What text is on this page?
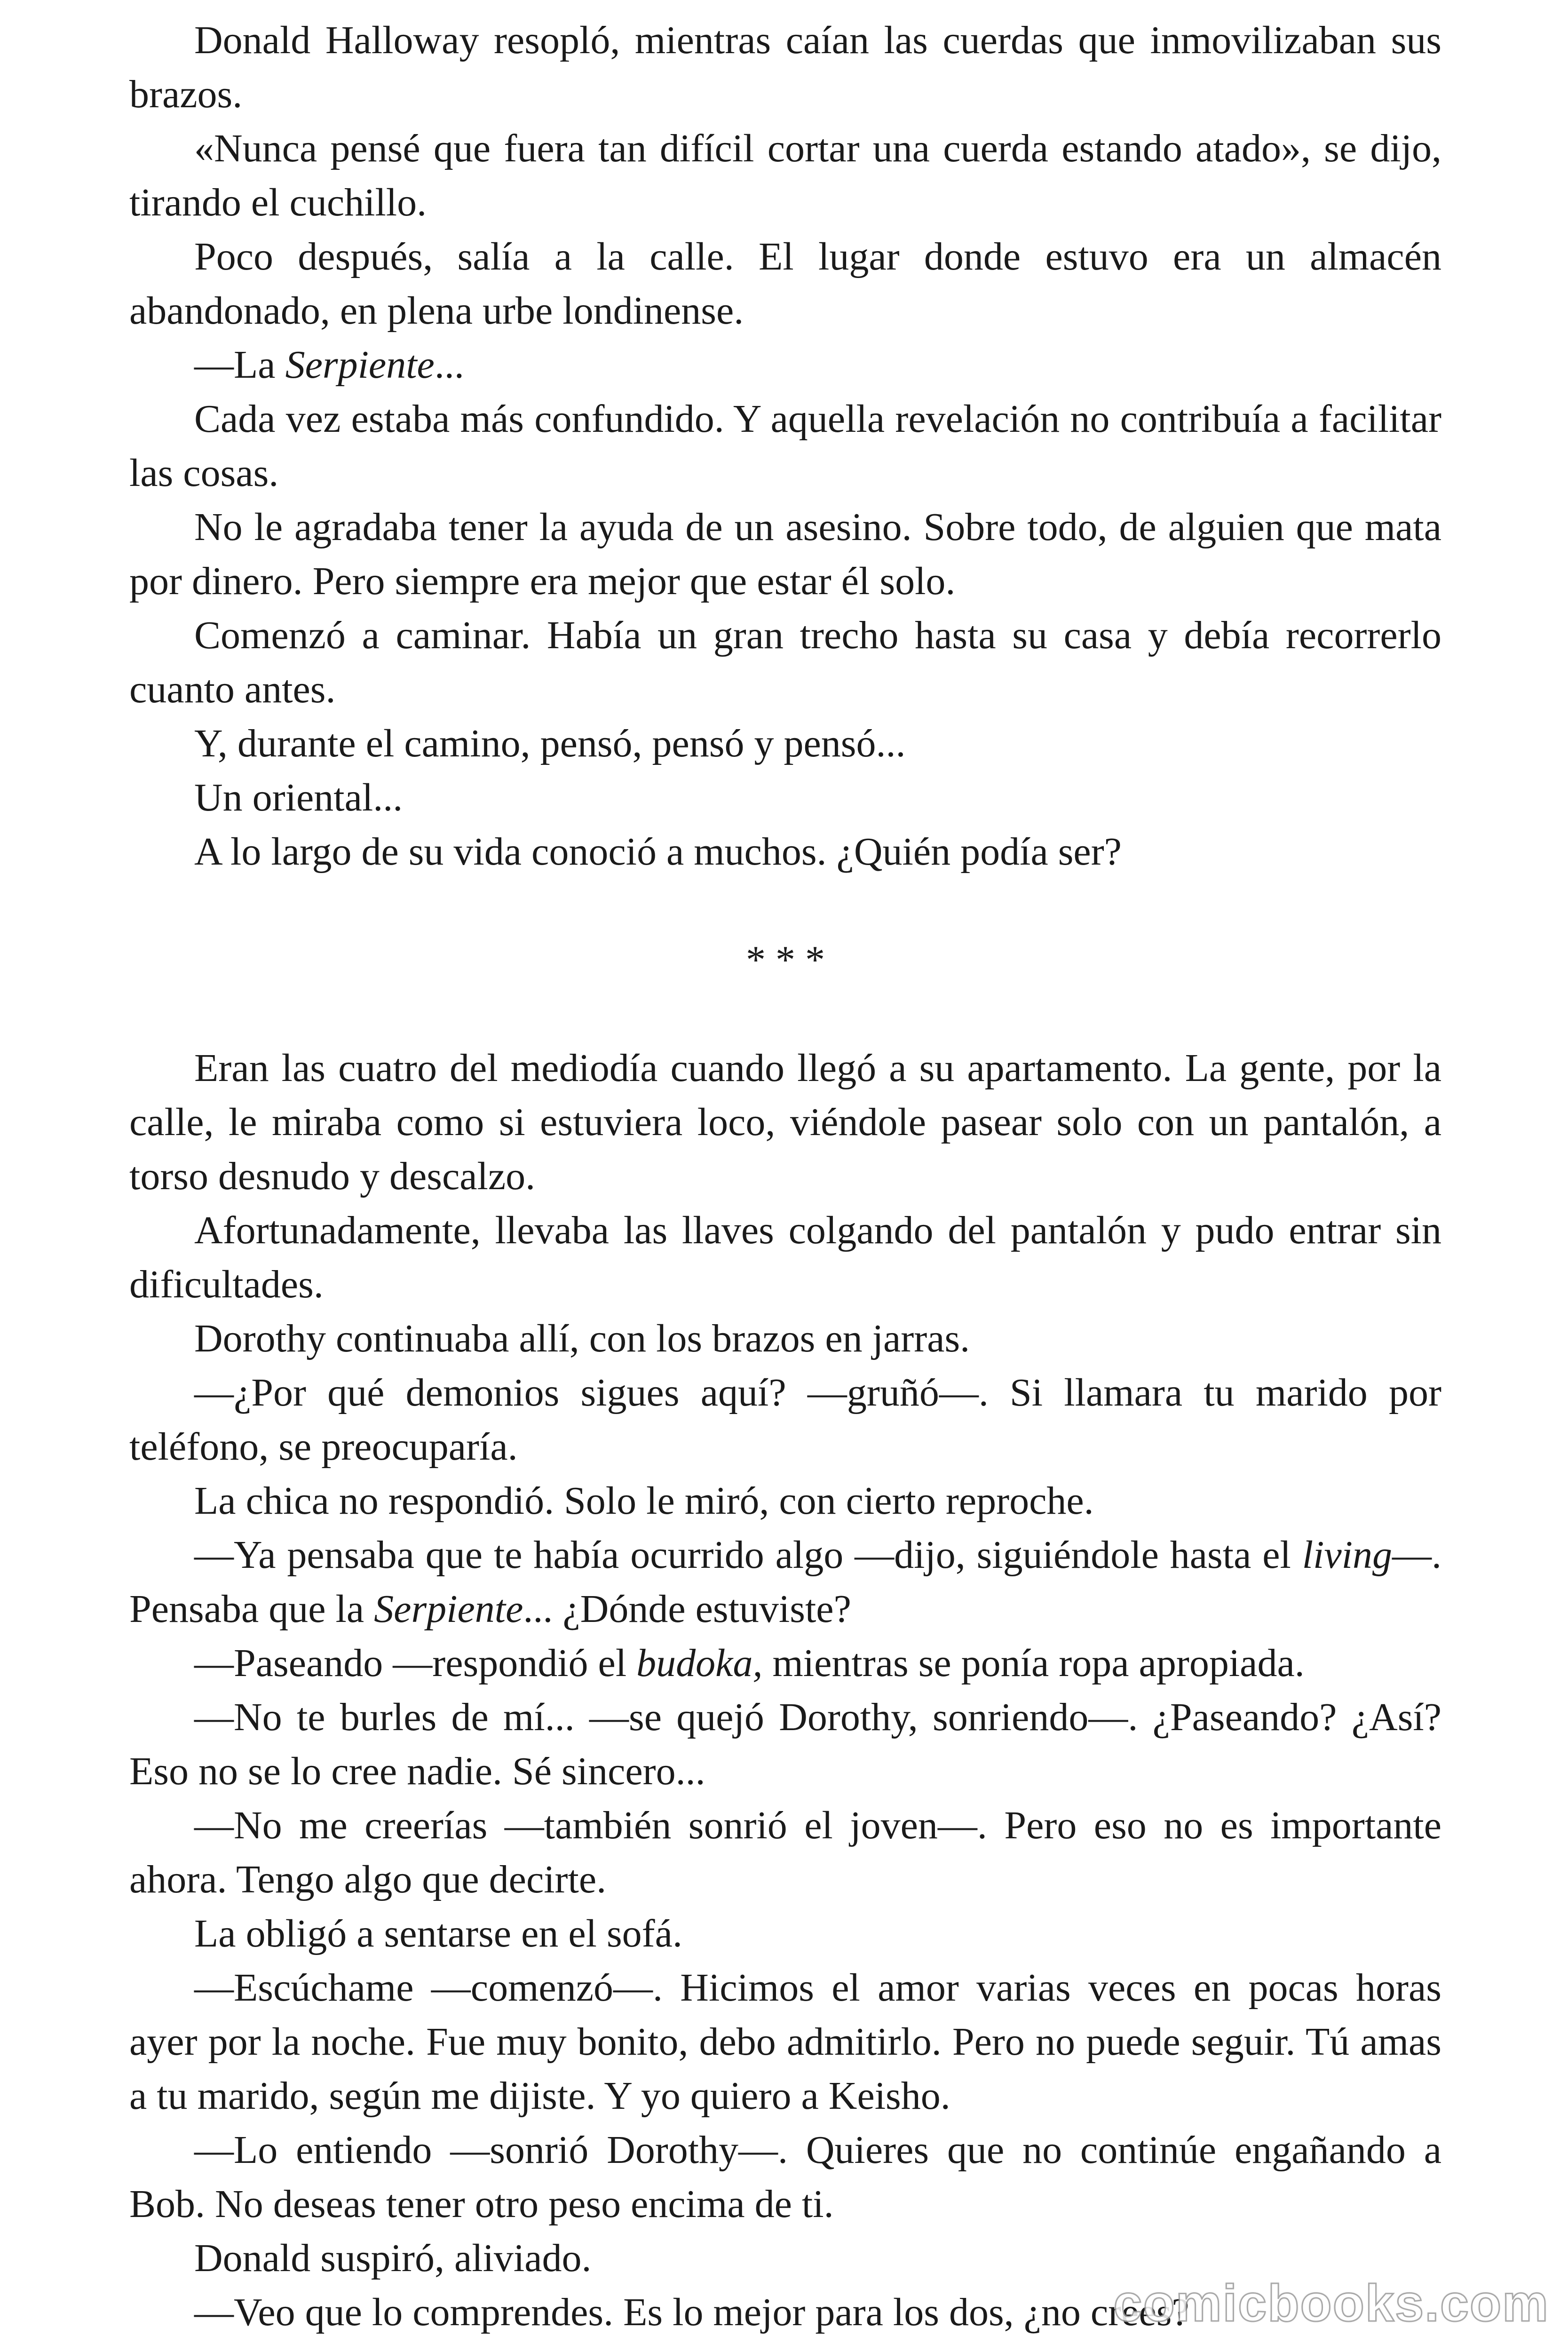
Donald Halloway resopló, mientras caían las cuerdas que inmovilizaban sus brazos.

«Nunca pensé que fuera tan difícil cortar una cuerda estando atado», se dijo, tirando el cuchillo.

Poco después, salía a la calle. El lugar donde estuvo era un almacén abandonado, en plena urbe londinense.

—La Serpiente...

Cada vez estaba más confundido. Y aquella revelación no contribuía a facilitar las cosas.

No le agradaba tener la ayuda de un asesino. Sobre todo, de alguien que mata por dinero. Pero siempre era mejor que estar él solo.

Comenzó a caminar. Había un gran trecho hasta su casa y debía recorrerlo cuanto antes.

Y, durante el camino, pensó, pensó y pensó...

Un oriental...

A lo largo de su vida conoció a muchos. ¿Quién podía ser?

* * *

Eran las cuatro del mediodía cuando llegó a su apartamento. La gente, por la calle, le miraba como si estuviera loco, viéndole pasear solo con un pantalón, a torso desnudo y descalzo.

Afortunadamente, llevaba las llaves colgando del pantalón y pudo entrar sin dificultades.

Dorothy continuaba allí, con los brazos en jarras.

—¿Por qué demonios sigues aquí? —gruñó—. Si llamara tu marido por teléfono, se preocuparía.

La chica no respondió. Solo le miró, con cierto reproche.

—Ya pensaba que te había ocurrido algo —dijo, siguiéndole hasta el living—. Pensaba que la Serpiente... ¿Dónde estuviste?

—Paseando —respondió el budoka, mientras se ponía ropa apropiada.

—No te burles de mí... —se quejó Dorothy, sonriendo—. ¿Paseando? ¿Así? Eso no se lo cree nadie. Sé sincero...

—No me creerías —también sonrió el joven—. Pero eso no es importante ahora. Tengo algo que decirte.

La obligó a sentarse en el sofá.

—Escúchame —comenzó—. Hicimos el amor varias veces en pocas horas ayer por la noche. Fue muy bonito, debo admitirlo. Pero no puede seguir. Tú amas a tu marido, según me dijiste. Y yo quiero a Keisho.

—Lo entiendo —sonrió Dorothy—. Quieres que no continúe engañando a Bob. No deseas tener otro peso encima de ti.

Donald suspiró, aliviado.

—Veo que lo comprendes. Es lo mejor para los dos, ¿no crees?

comicbooks.com
